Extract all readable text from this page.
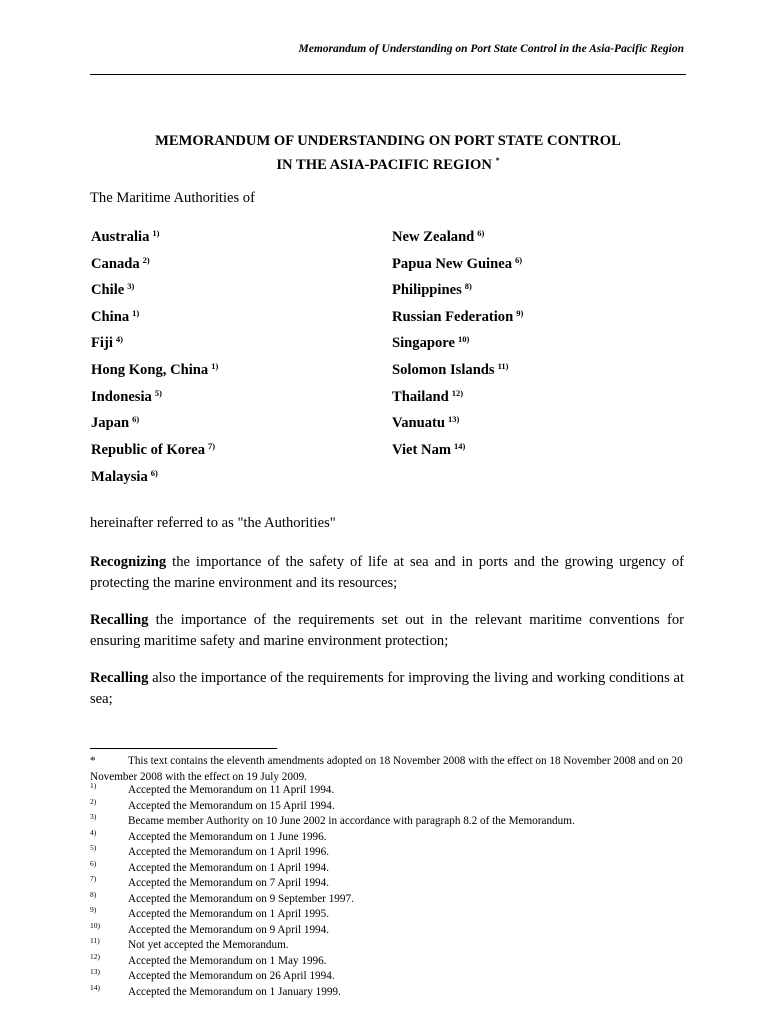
Memorandum of Understanding on Port State Control in the Asia-Pacific Region
MEMORANDUM OF UNDERSTANDING ON PORT STATE CONTROL
IN THE ASIA-PACIFIC REGION *
The Maritime Authorities of
Australia $^{1)}$
Canada $^{2)}$
Chile $^{3)}$
China $^{1)}$
Fiji $^{4)}$
Hong Kong, China $^{1)}$
Indonesia $^{5)}$
Japan $^{6)}$
Republic of Korea $^{7)}$
Malaysia $^{6)}$
New Zealand $^{6)}$
Papua New Guinea $^{6)}$
Philippines $^{8)}$
Russian Federation $^{9)}$
Singapore $^{10)}$
Solomon Islands $^{11)}$
Thailand $^{12)}$
Vanuatu $^{13)}$
Viet Nam $^{14)}$
hereinafter referred to as "the Authorities"
Recognizing the importance of the safety of life at sea and in ports and the growing urgency of protecting the marine environment and its resources;
Recalling the importance of the requirements set out in the relevant maritime conventions for ensuring maritime safety and marine environment protection;
Recalling also the importance of the requirements for improving the living and working conditions at sea;
*	This text contains the eleventh amendments adopted on 18 November 2008 with the effect on 18 November 2008 and on 20 November 2008 with the effect on 19 July 2009.
1)	Accepted the Memorandum on 11 April 1994.
2)	Accepted the Memorandum on 15 April 1994.
3)	Became member Authority on 10 June 2002 in accordance with paragraph 8.2 of the Memorandum.
4)	Accepted the Memorandum on 1 June 1996.
5)	Accepted the Memorandum on 1 April 1996.
6)	Accepted the Memorandum on 1 April 1994.
7)	Accepted the Memorandum on 7 April 1994.
8)	Accepted the Memorandum on 9 September 1997.
9)	Accepted the Memorandum on 1 April 1995.
10)	Accepted the Memorandum on 9 April 1994.
11)	Not yet accepted the Memorandum.
12)	Accepted the Memorandum on 1 May 1996.
13)	Accepted the Memorandum on 26 April 1994.
14)	Accepted the Memorandum on 1 January 1999.
